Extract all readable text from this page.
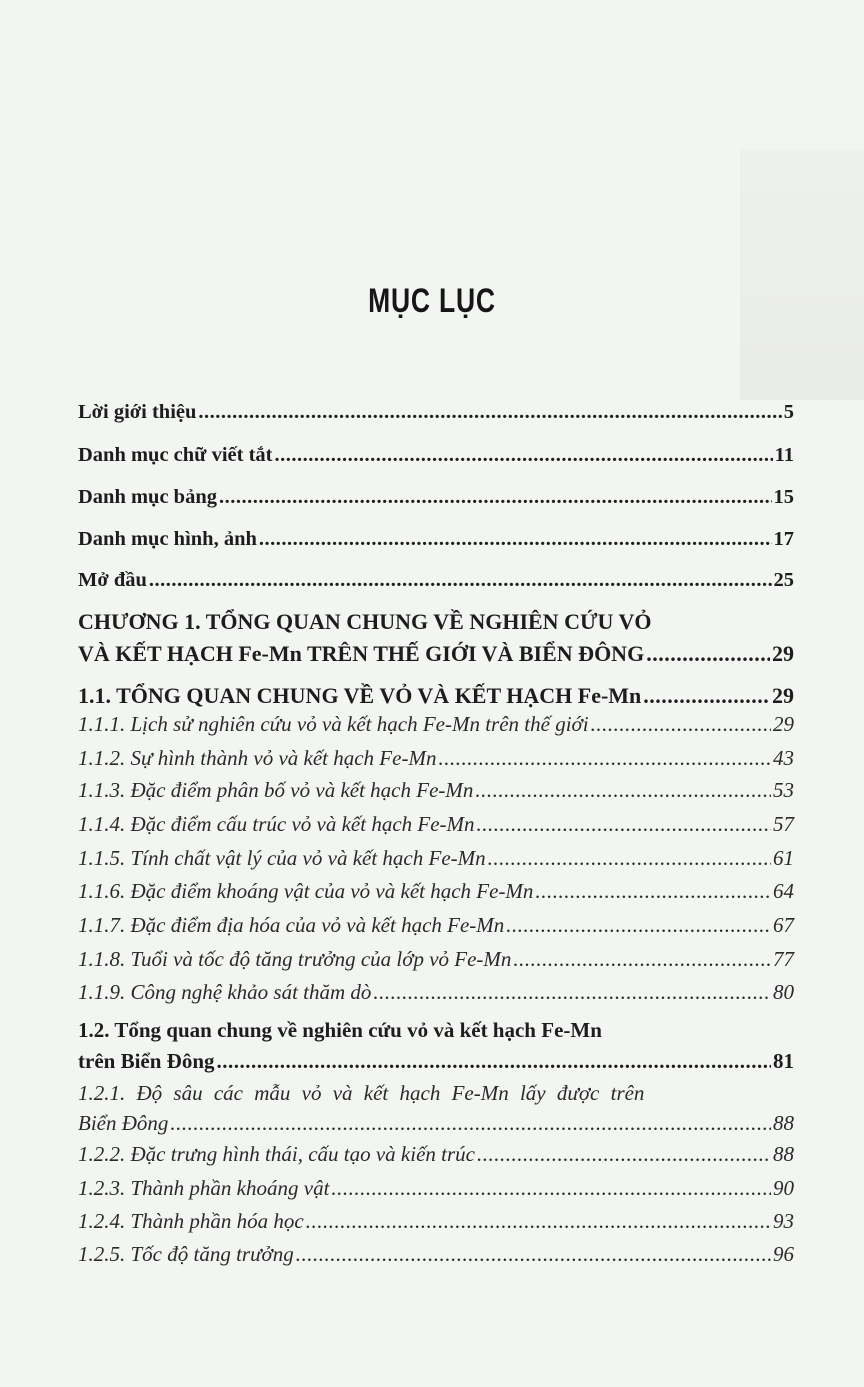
MỤC LỤC
Lời giới thiệu .....	5
Danh mục chữ viết tắt .....	11
Danh mục bảng .....	15
Danh mục hình, ảnh .....	17
Mở đầu .....	25
CHƯƠNG 1. TỔNG QUAN CHUNG VỀ NGHIÊN CỨU VỎ
VÀ KẾT HẠCH Fe-Mn TRÊN THẾ GIỚI VÀ BIỂN ĐÔNG .....	29
1.1. TỔNG QUAN CHUNG VỀ VỎ VÀ KẾT HẠCH Fe-Mn .....	29
1.1.1. Lịch sử nghiên cứu vỏ và kết hạch Fe-Mn trên thế giới .....	29
1.1.2. Sự hình thành vỏ và kết hạch Fe-Mn .....	43
1.1.3. Đặc điểm phân bố vỏ và kết hạch Fe-Mn .....	53
1.1.4. Đặc điểm cấu trúc vỏ và kết hạch Fe-Mn .....	57
1.1.5. Tính chất vật lý của vỏ và kết hạch Fe-Mn .....	61
1.1.6. Đặc điểm khoáng vật của vỏ và kết hạch Fe-Mn .....	64
1.1.7. Đặc điểm địa hóa của vỏ và kết hạch Fe-Mn .....	67
1.1.8. Tuổi và tốc độ tăng trưởng của lớp vỏ Fe-Mn .....	77
1.1.9. Công nghệ khảo sát thăm dò .....	80
1.2. Tổng quan chung về nghiên cứu vỏ và kết hạch Fe-Mn
trên Biển Đông .....	81
1.2.1. Độ sâu các mẫu vỏ và kết hạch Fe-Mn lấy được trên
Biển Đông .....	88
1.2.2. Đặc trưng hình thái, cấu tạo và kiến trúc .....	88
1.2.3. Thành phần khoáng vật .....	90
1.2.4. Thành phần hóa học .....	93
1.2.5. Tốc độ tăng trưởng .....	96
